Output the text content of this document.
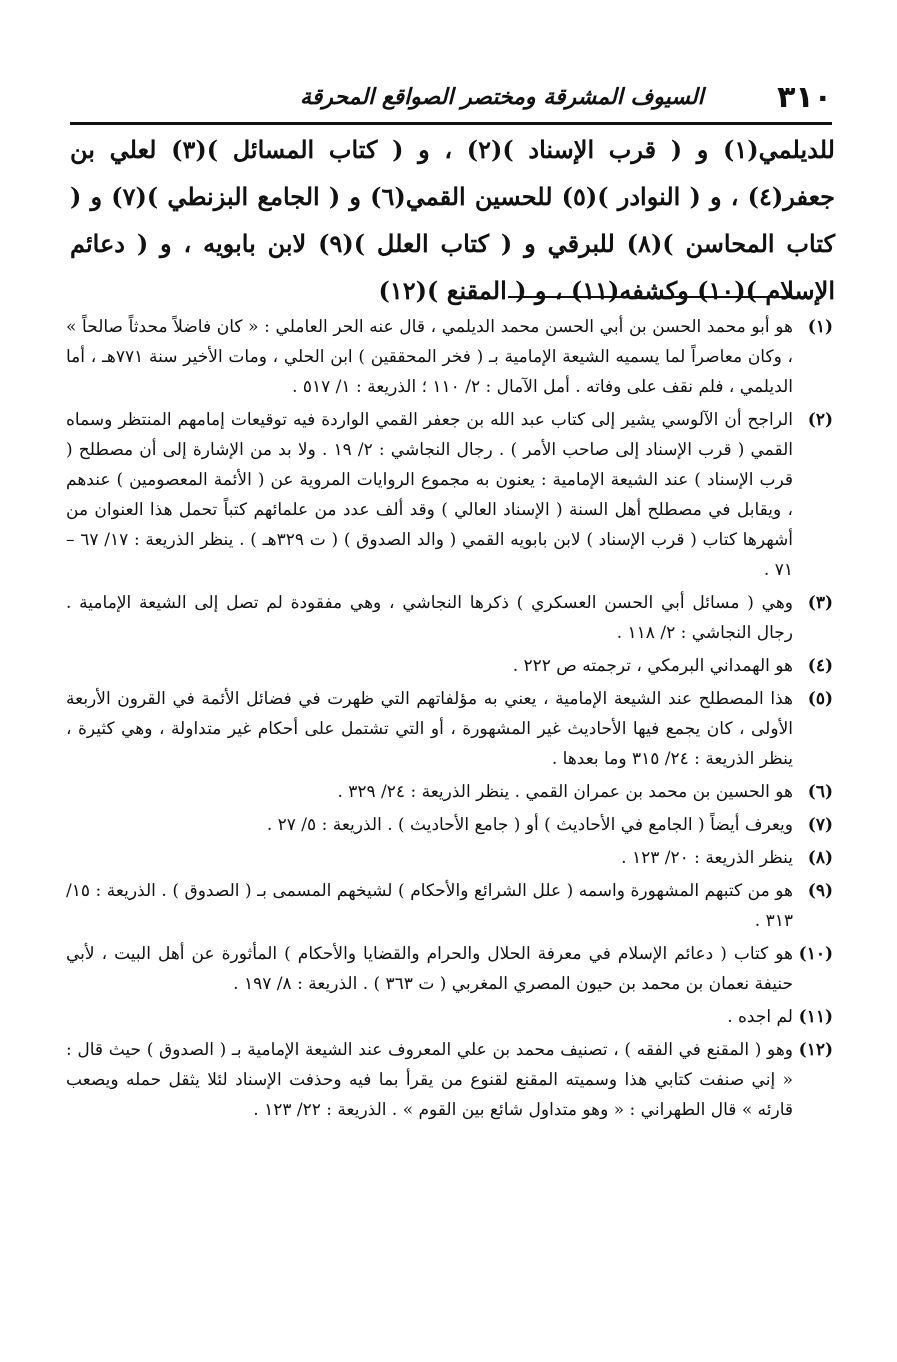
٣١٠
السيوف المشرقة ومختصر الصواقع المحرقة

للديلمي(١) و ( قرب الإسناد )(٢) ، و ( كتاب المسائل )(٣) لعلي بن جعفر(٤) ، و ( النوادر )(٥) للحسين القمي(٦) و ( الجامع البزنطي )(٧) و ( كتاب المحاسن )(٨) للبرقي و ( كتاب العلل )(٩) لابن بابويه ، و ( دعائم الإسلام )(١٠) وكشفه(١١) ، و ( المقنع )(١٢)

(١)
هو أبو محمد الحسن بن أبي الحسن محمد الديلمي ، قال عنه الحر العاملي : « كان فاضلاً محدثاً صالحاً » ، وكان معاصراً لما يسميه الشيعة الإمامية بـ ( فخر المحققين ) ابن الحلي ، ومات الأخير سنة ٧٧١هـ ، أما الديلمي ، فلم نقف على وفاته . أمل الآمال : ٢/ ١١٠ ؛ الذريعة : ١/ ٥١٧ .
(٢)
الراجح أن الآلوسي يشير إلى كتاب عبد الله بن جعفر القمي الواردة فيه توقيعات إمامهم المنتظر وسماه القمي ( قرب الإسناد إلى صاحب الأمر ) . رجال النجاشي : ٢/ ١٩ . ولا بد من الإشارة إلى أن مصطلح ( قرب الإسناد ) عند الشيعة الإمامية : يعنون به مجموع الروايات المروية عن ( الأئمة المعصومين ) عندهم ، ويقابل في مصطلح أهل السنة ( الإسناد العالي ) وقد ألف عدد من علمائهم كتباً تحمل هذا العنوان من أشهرها كتاب ( قرب الإسناد ) لابن بابويه القمي ( والد الصدوق ) ( ت ٣٢٩هـ ) . ينظر الذريعة : ١٧/ ٦٧ – ٧١ .
(٣)
وهي ( مسائل أبي الحسن العسكري ) ذكرها النجاشي ، وهي مفقودة لم تصل إلى الشيعة الإمامية . رجال النجاشي : ٢/ ١١٨ .
(٤)
هو الهمداني البرمكي ، ترجمته ص ٢٢٢ .
(٥)
هذا المصطلح عند الشيعة الإمامية ، يعني به مؤلفاتهم التي ظهرت في فضائل الأئمة في القرون الأربعة الأولى ، كان يجمع فيها الأحاديث غير المشهورة ، أو التي تشتمل على أحكام غير متداولة ، وهي كثيرة ، ينظر الذريعة : ٢٤/ ٣١٥ وما بعدها .
(٦)
هو الحسين بن محمد بن عمران القمي . ينظر الذريعة : ٢٤/ ٣٢٩ .
(٧)
ويعرف أيضاً ( الجامع في الأحاديث ) أو ( جامع الأحاديث ) . الذريعة : ٥/ ٢٧ .
(٨)
ينظر الذريعة : ٢٠/ ١٢٣ .
(٩)
هو من كتبهم المشهورة واسمه ( علل الشرائع والأحكام ) لشيخهم المسمى بـ ( الصدوق ) . الذريعة : ١٥/ ٣١٣ .
(١٠)
هو كتاب ( دعائم الإسلام في معرفة الحلال والحرام والقضايا والأحكام ) المأثورة عن أهل البيت ، لأبي حنيفة نعمان بن محمد بن حيون المصري المغربي ( ت ٣٦٣ ) . الذريعة : ٨/ ١٩٧ .
(١١)
لم اجده .
(١٢)
وهو ( المقنع في الفقه ) ، تصنيف محمد بن علي المعروف عند الشيعة الإمامية بـ ( الصدوق ) حيث قال : « إني صنفت كتابي هذا وسميته المقنع لقنوع من يقرأ بما فيه وحذفت الإسناد لئلا يثقل حمله ويصعب قارئه » قال الطهراني : « وهو متداول شائع بين القوم » . الذريعة : ٢٢/ ١٢٣ .
